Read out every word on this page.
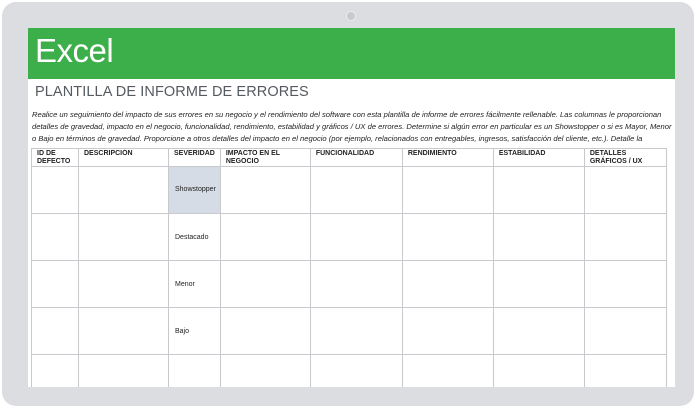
Excel
PLANTILLA DE INFORME DE ERRORES
Realice un seguimiento del impacto de sus errores en su negocio y el rendimiento del software con esta plantilla de informe de errores fácilmente rellenable. Las columnas le proporcionan detalles de gravedad, impacto en el negocio, funcionalidad, rendimiento, estabilidad y gráficos / UX de errores. Determine si algún error en particular es un Showstopper o si es Mayor, Menor o Bajo en términos de gravedad. Proporcione a otros detalles del impacto en el negocio (por ejemplo, relacionados con entregables, ingresos, satisfacción del cliente, etc.). Detalle la
ID DE DEFECTO	DESCRIPCIÓN	SEVERIDAD	IMPACTO EN EL NEGOCIO	FUNCIONALIDAD	RENDIMIENTO	ESTABILIDAD	DETALLES GRÁFICOS / UX
		Showstopper					
		Destacado					
		Menor					
		Bajo					
